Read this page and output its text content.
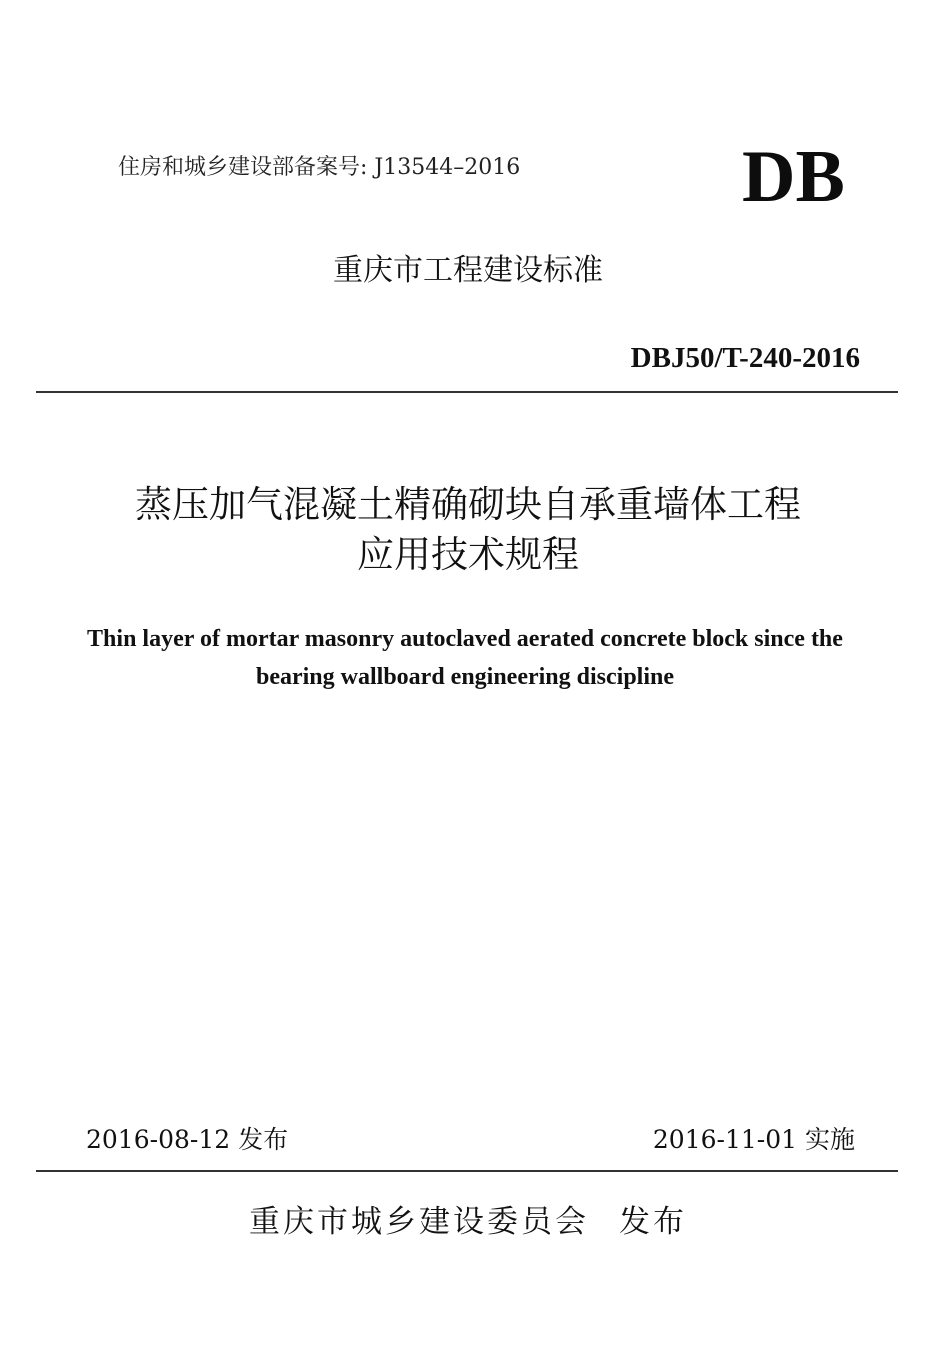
住房和城乡建设部备案号: J13544–2016	DB
重庆市工程建设标准
DBJ50/T-240-2016
蒸压加气混凝土精确砌块自承重墙体工程
应用技术规程
Thin layer of mortar masonry autoclaved aerated concrete block since the
bearing wallboard engineering discipline
2016-08-12 发布	2016-11-01 实施
重庆市城乡建设委员会 发布
